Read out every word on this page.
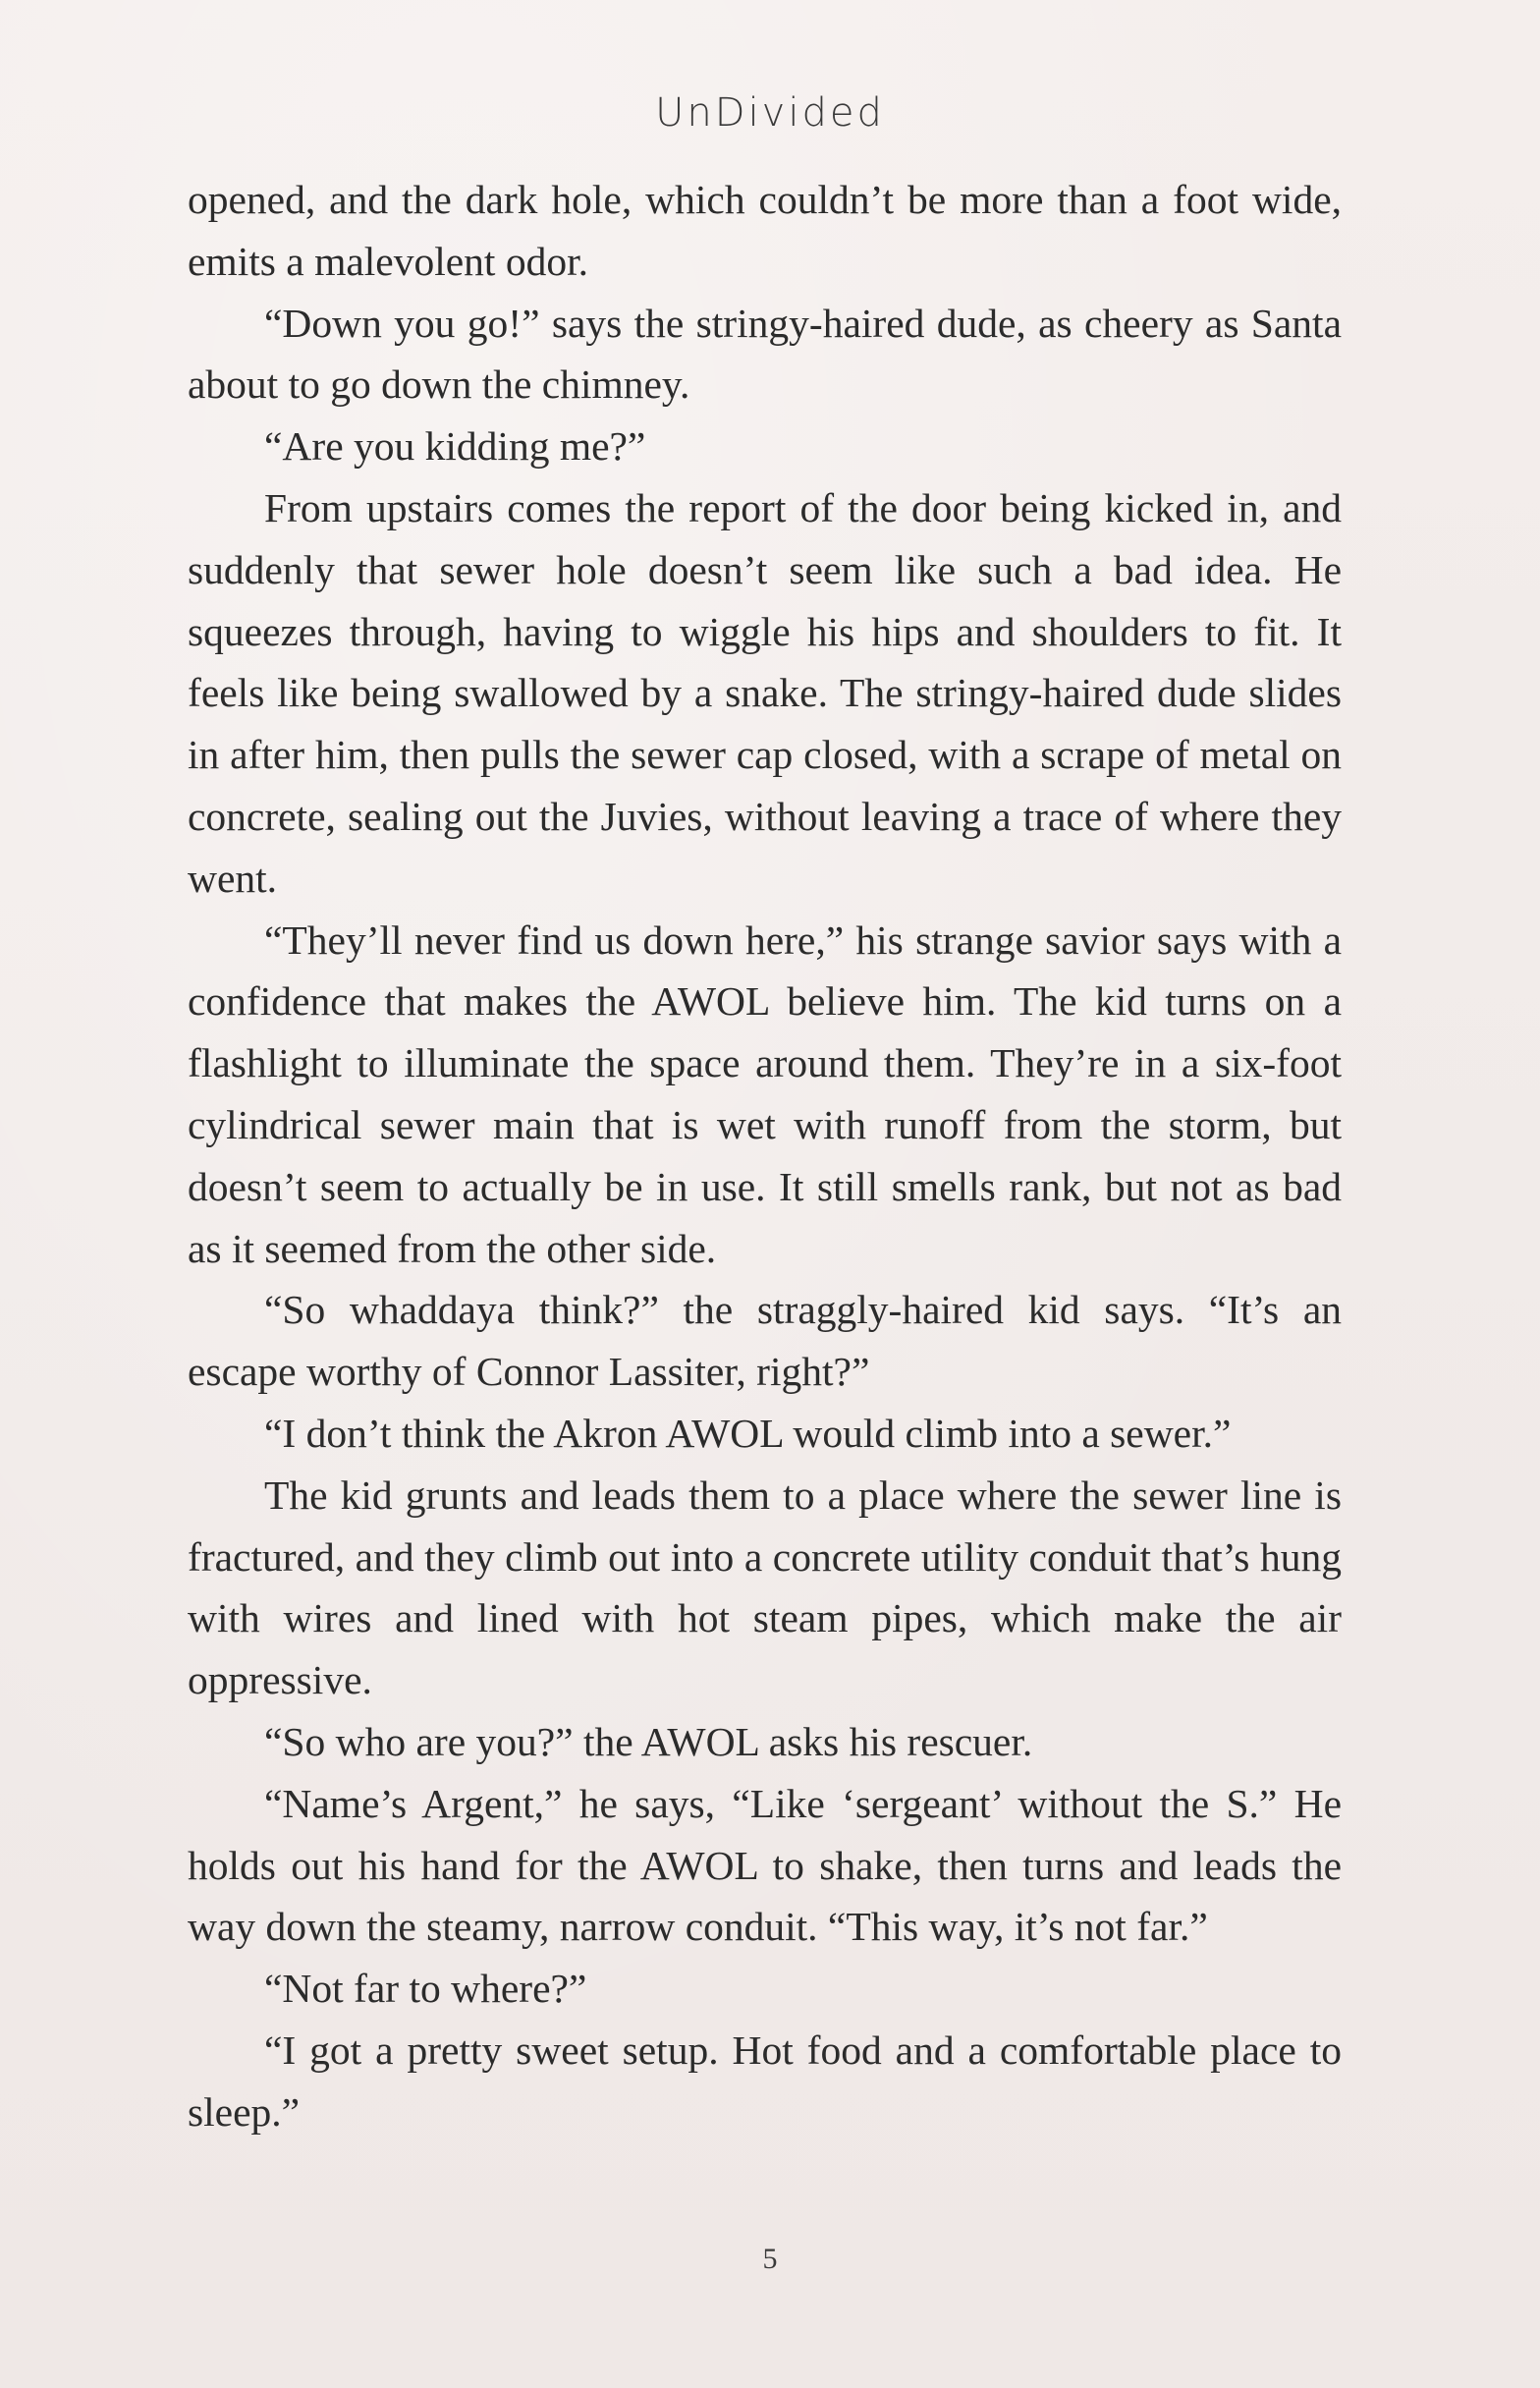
UnDivided

opened, and the dark hole, which couldn’t be more than a foot wide, emits a malevolent odor.

“Down you go!” says the stringy-haired dude, as cheery as Santa about to go down the chimney.

“Are you kidding me?”

From upstairs comes the report of the door being kicked in, and suddenly that sewer hole doesn’t seem like such a bad idea. He squeezes through, having to wiggle his hips and shoulders to fit. It feels like being swallowed by a snake. The stringy-haired dude slides in after him, then pulls the sewer cap closed, with a scrape of metal on concrete, sealing out the Juvies, without leaving a trace of where they went.

“They’ll never find us down here,” his strange savior says with a confidence that makes the AWOL believe him. The kid turns on a flashlight to illuminate the space around them. They’re in a six-foot cylindrical sewer main that is wet with runoff from the storm, but doesn’t seem to actually be in use. It still smells rank, but not as bad as it seemed from the other side.

“So whaddaya think?” the straggly-haired kid says. “It’s an escape worthy of Connor Lassiter, right?”

“I don’t think the Akron AWOL would climb into a sewer.”

The kid grunts and leads them to a place where the sewer line is fractured, and they climb out into a concrete utility conduit that’s hung with wires and lined with hot steam pipes, which make the air oppressive.

“So who are you?” the AWOL asks his rescuer.

“Name’s Argent,” he says, “Like ‘sergeant’ without the S.” He holds out his hand for the AWOL to shake, then turns and leads the way down the steamy, narrow conduit. “This way, it’s not far.”

“Not far to where?”

“I got a pretty sweet setup. Hot food and a comfortable place to sleep.”

5
